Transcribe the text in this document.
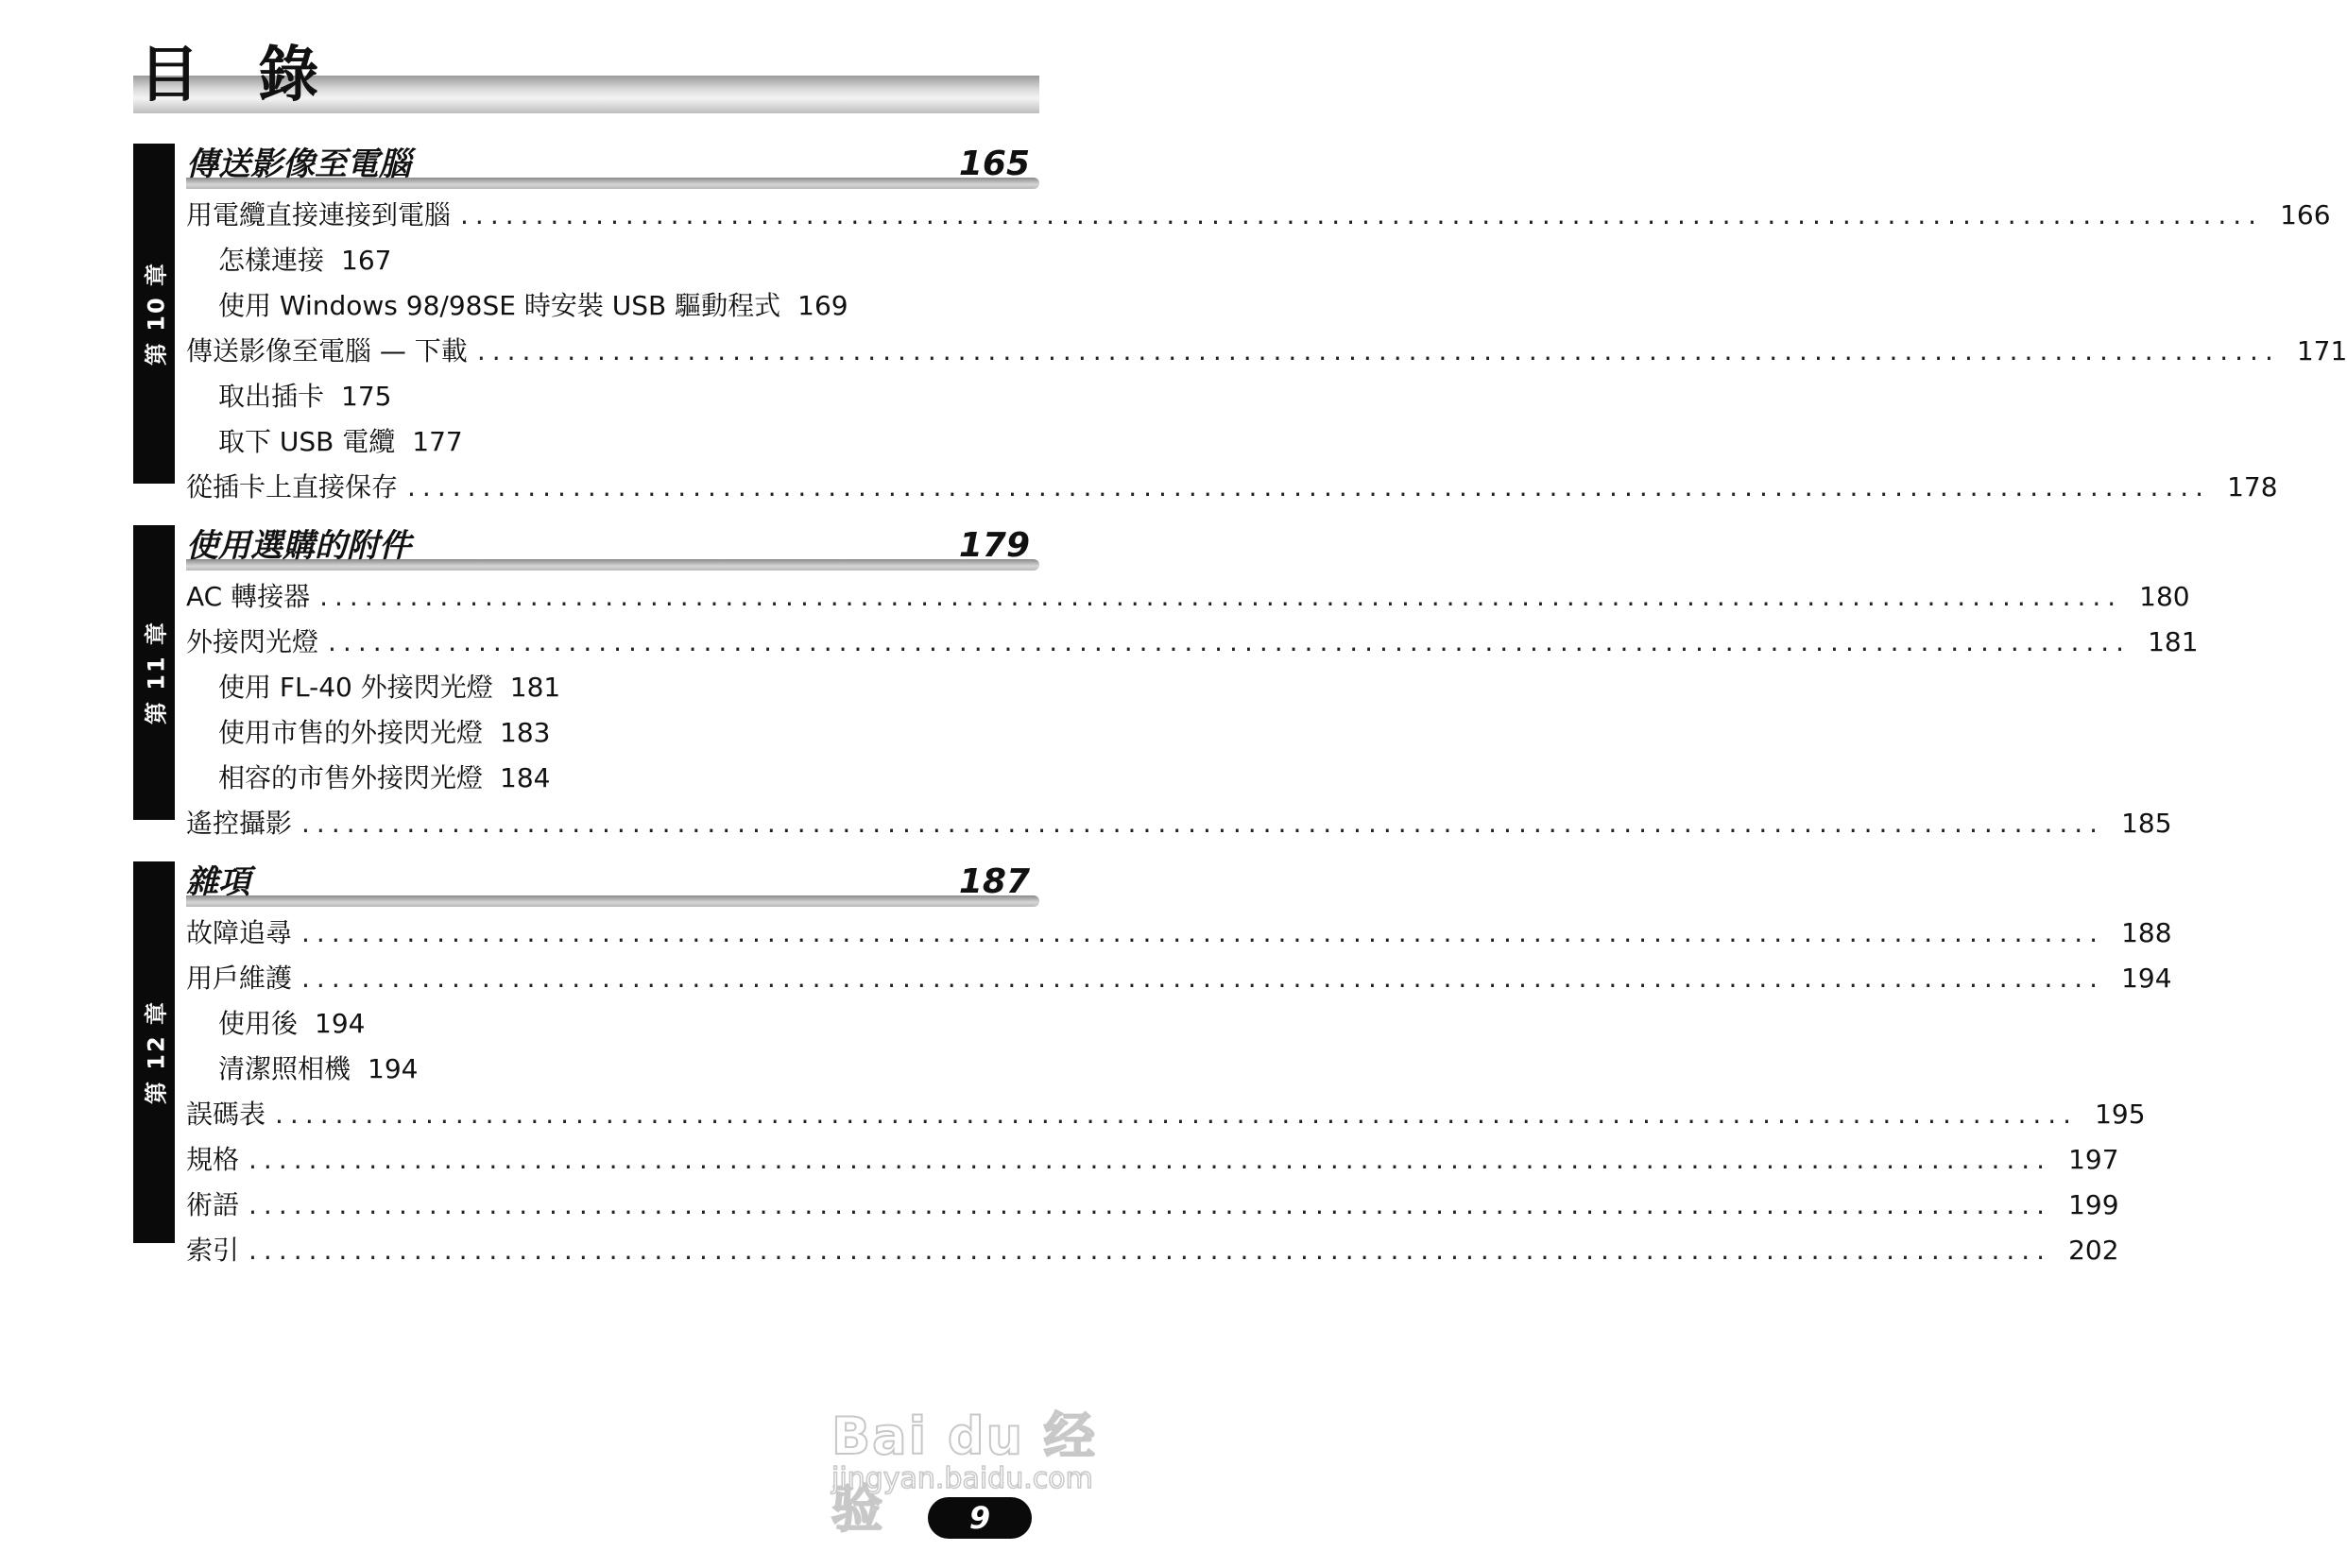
目 錄
第 10 章
傳送影像至電腦	165
用電纜直接連接到電腦 ........................................................................................................................ 166
怎樣連接 167
使用 Windows 98/98SE 時安裝 USB 驅動程式 169
傳送影像至電腦 — 下載 ........................................................................................................................ 171
取出插卡 175
取下 USB 電纜 177
從插卡上直接保存 ........................................................................................................................ 178
第 11 章
使用選購的附件	179
AC 轉接器 ........................................................................................................................ 180
外接閃光燈 ........................................................................................................................ 181
使用 FL-40 外接閃光燈 181
使用市售的外接閃光燈 183
相容的市售外接閃光燈 184
遙控攝影 ........................................................................................................................ 185
第 12 章
雜項	187
故障追尋 ........................................................................................................................ 188
用戶維護 ........................................................................................................................ 194
使用後 194
清潔照相機 194
誤碼表 ........................................................................................................................ 195
規格 ........................................................................................................................ 197
術語 ........................................................................................................................ 199
索引 ........................................................................................................................ 202
Bai du 经验
jingyan.baidu.com
9
